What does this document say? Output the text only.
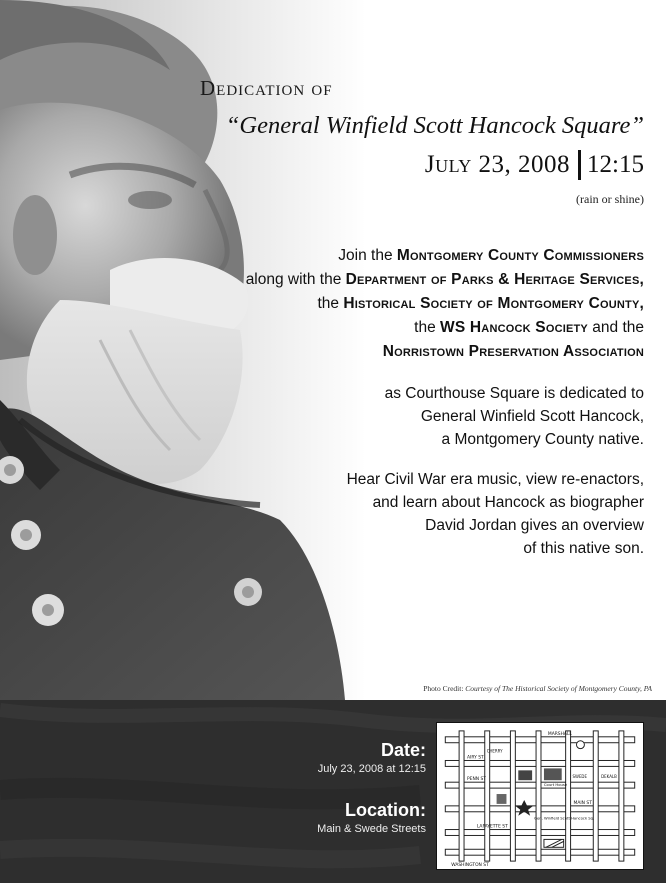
Dedication of
“General Winfield Scott Hancock Square”
July 23, 2008 12:15
(rain or shine)
Join the Montgomery County Commissioners
along with the Department of Parks & Heritage Services,
the Historical Society of Montgomery County,
the WS Hancock Society and the
Norristown Preservation Association
as Courthouse Square is dedicated to
General Winfield Scott Hancock,
a Montgomery County native.
Hear Civil War era music, view re-enactors,
and learn about Hancock as biographer
David Jordan gives an overview
of this native son.
Photo Credit: Courtesy of The Historical Society of Montgomery County, PA
Date:
July 23, 2008 at 12:15
Location:
Main & Swede Streets
MARSHALL
AIRY ST
PENN ST
MAIN ST
LAFAYETTE ST
WASHINGTON ST
SWEDE	DEKALB
CHERRY
Court House
Gen. Winfield Scott Hancock Sq.
